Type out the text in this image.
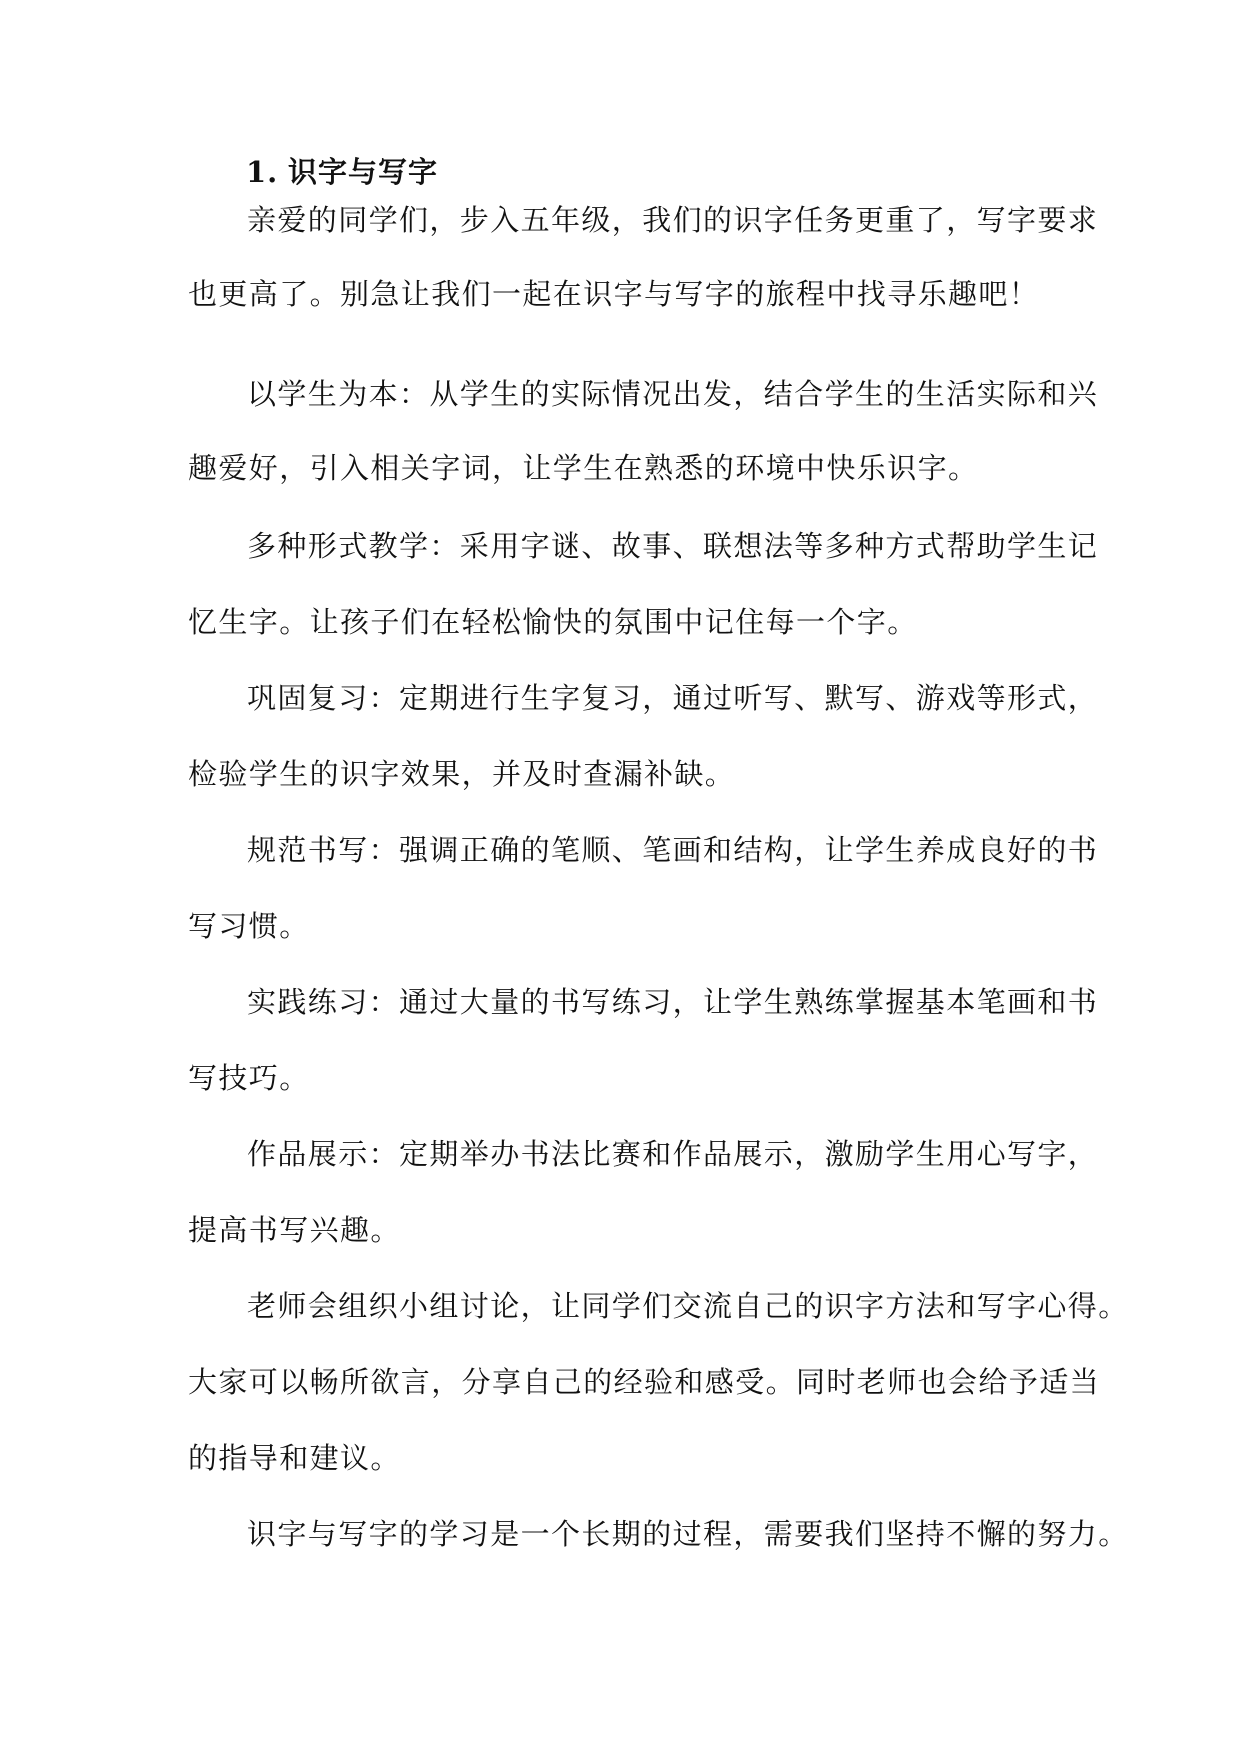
1. 识字与写字
亲爱的同学们，步入五年级，我们的识字任务更重了，写字要求
也更高了。别急让我们一起在识字与写字的旅程中找寻乐趣吧！
以学生为本：从学生的实际情况出发，结合学生的生活实际和兴
趣爱好，引入相关字词，让学生在熟悉的环境中快乐识字。
多种形式教学：采用字谜、故事、联想法等多种方式帮助学生记
忆生字。让孩子们在轻松愉快的氛围中记住每一个字。
巩固复习：定期进行生字复习，通过听写、默写、游戏等形式，
检验学生的识字效果，并及时查漏补缺。
规范书写：强调正确的笔顺、笔画和结构，让学生养成良好的书
写习惯。
实践练习：通过大量的书写练习，让学生熟练掌握基本笔画和书
写技巧。
作品展示：定期举办书法比赛和作品展示，激励学生用心写字，
提高书写兴趣。
老师会组织小组讨论，让同学们交流自己的识字方法和写字心得。
大家可以畅所欲言，分享自己的经验和感受。同时老师也会给予适当
的指导和建议。
识字与写字的学习是一个长期的过程，需要我们坚持不懈的努力。
